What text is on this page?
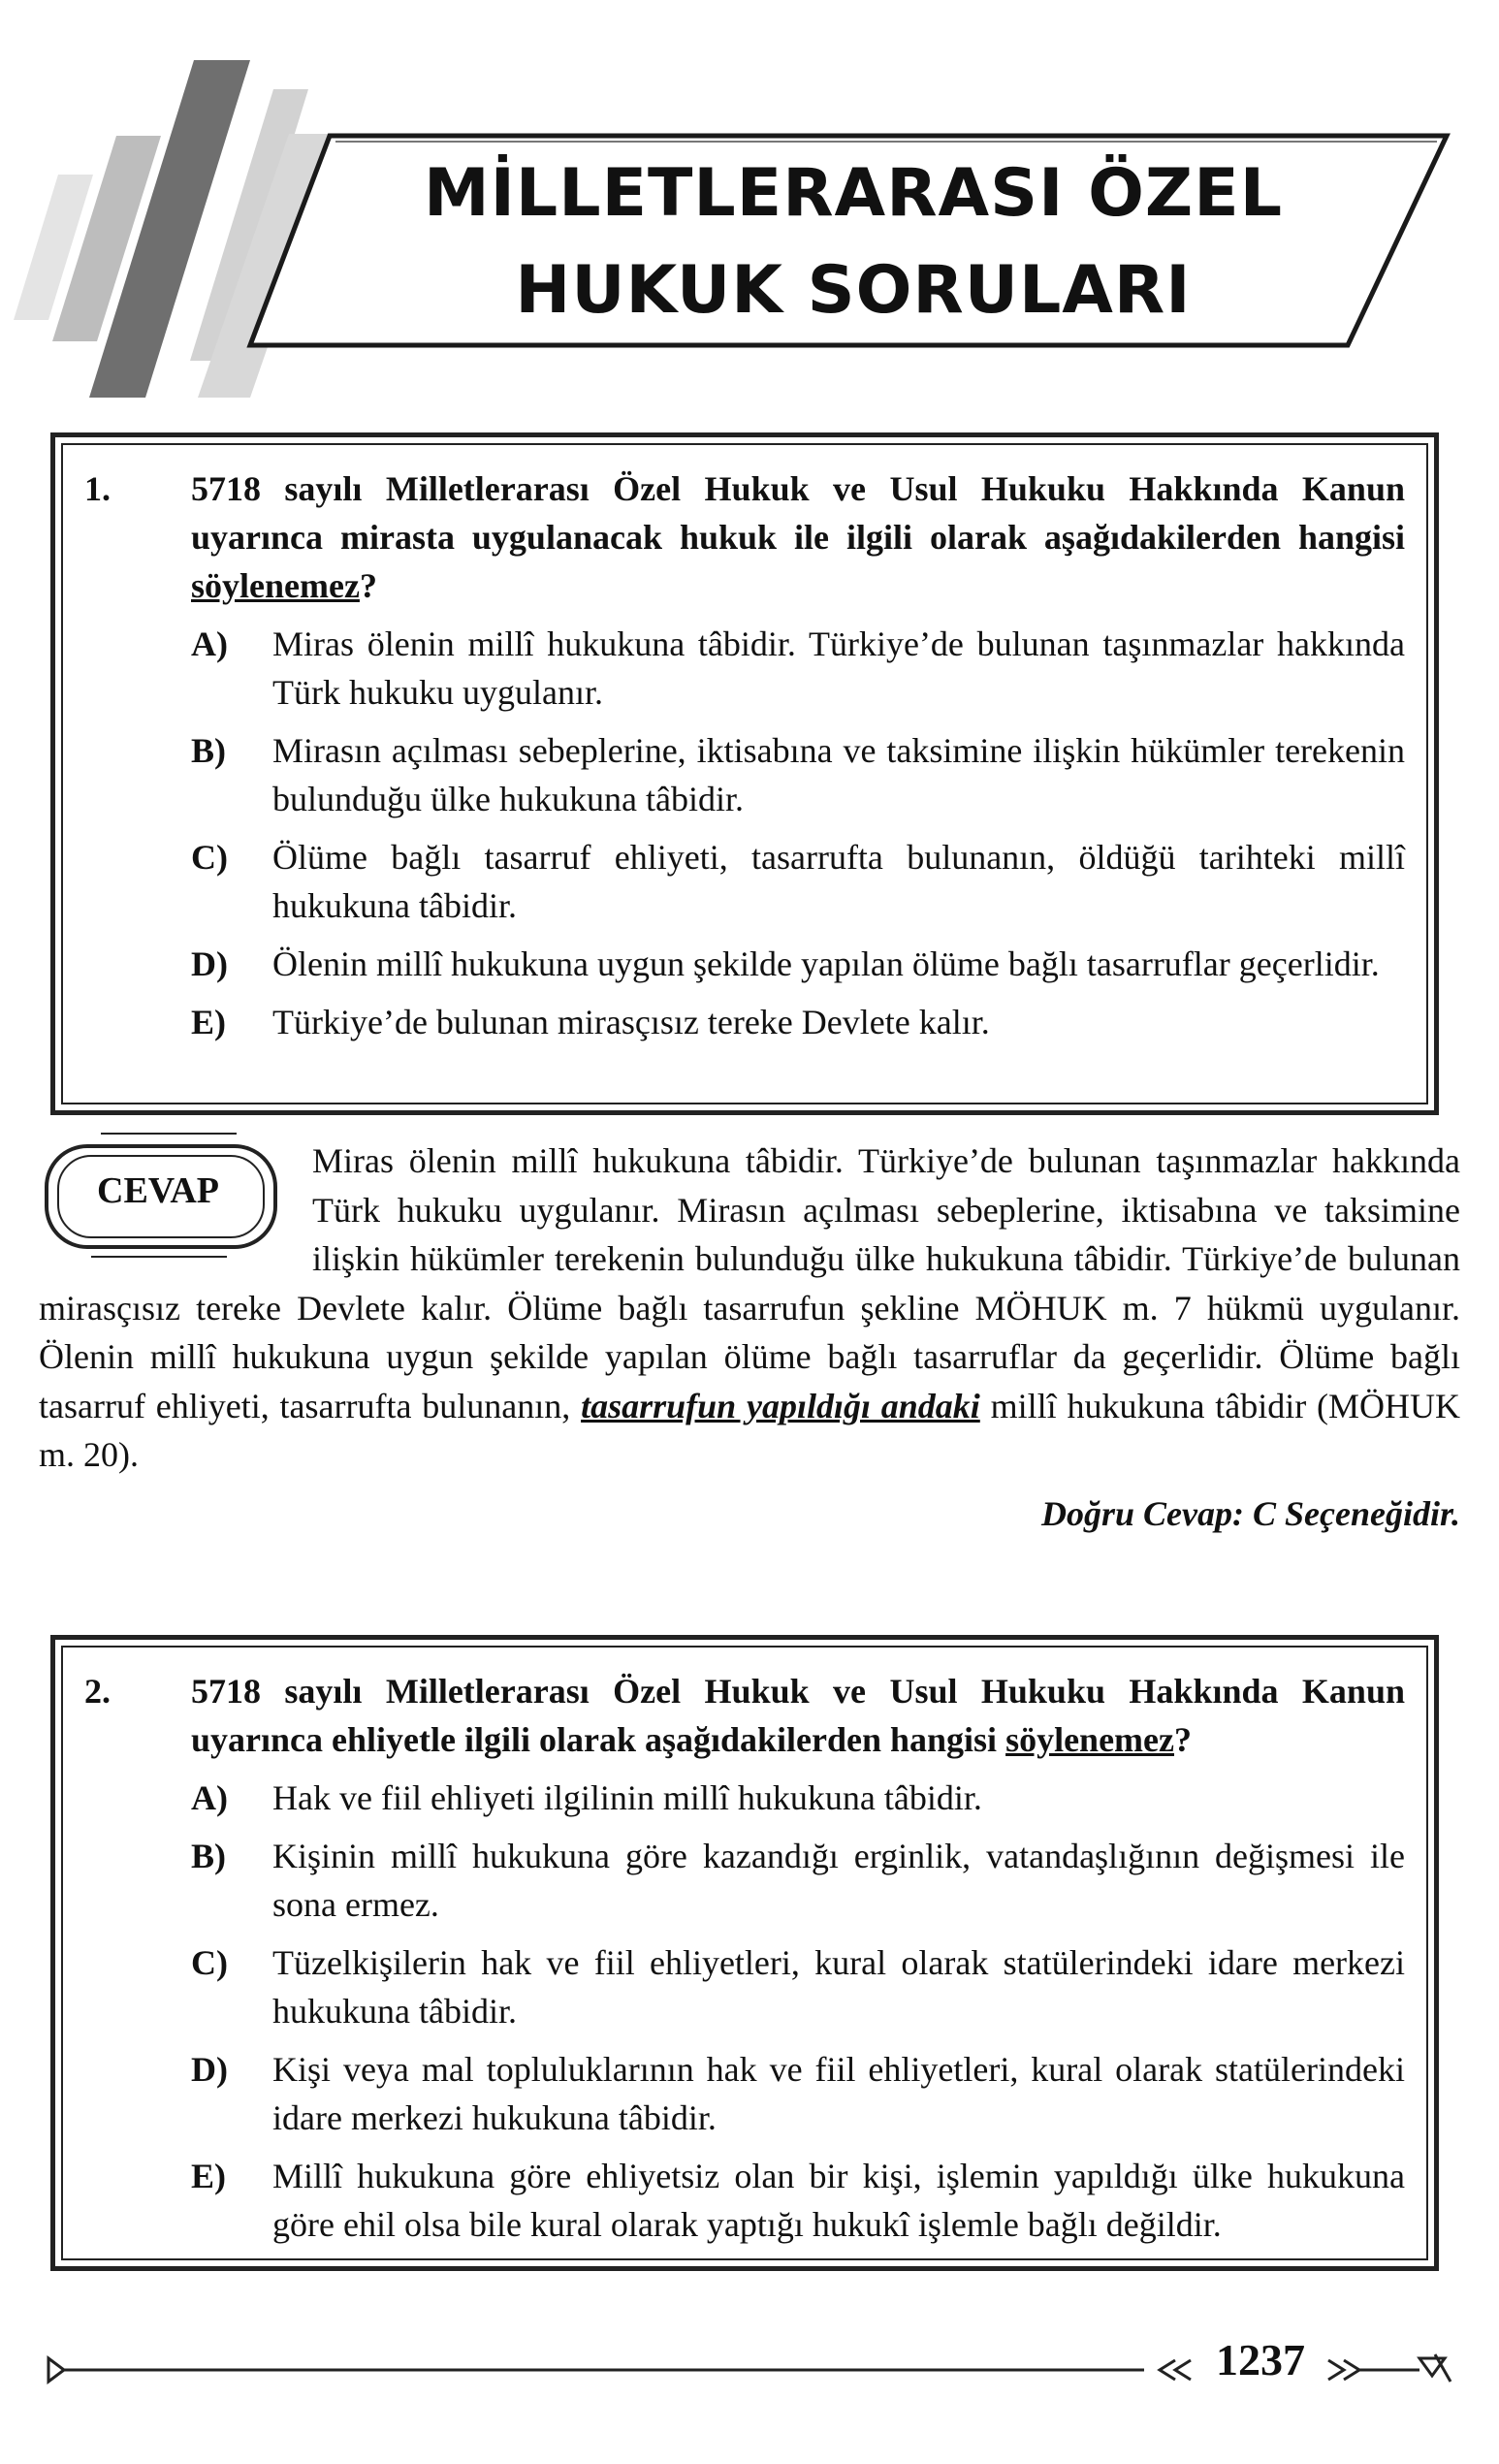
MİLLETLERARASI ÖZEL
HUKUK SORULARI
1.	5718 sayılı Milletlerarası Özel Hukuk ve Usul Hukuku Hakkında Kanun uyarınca mirasta uygulanacak hukuk ile ilgili olarak aşağıdakilerden hangisi söylenemez?
A)	Miras ölenin millî hukukuna tâbidir. Türkiye’de bulunan taşınmazlar hakkında Türk hukuku uygulanır.
B)	Mirasın açılması sebeplerine, iktisabına ve taksimine ilişkin hükümler terekenin bulunduğu ülke hukukuna tâbidir.
C)	Ölüme bağlı tasarruf ehliyeti, tasarrufta bulunanın, öldüğü tarihteki millî hukukuna tâbidir.
D)	Ölenin millî hukukuna uygun şekilde yapılan ölüme bağlı tasarruflar geçerlidir.
E)	Türkiye’de bulunan mirasçısız tereke Devlete kalır.
CEVAP
Miras ölenin millî hukukuna tâbidir. Türkiye’de bulunan taşınmazlar hakkında Türk hukuku uygulanır. Mirasın açılması sebeplerine, iktisabına ve taksimine ilişkin hükümler terekenin bulunduğu ülke hukukuna tâbidir. Türkiye’de bulunan mirasçısız tereke Devlete kalır. Ölüme bağlı tasarrufun şekline MÖHUK m. 7 hükmü uygulanır. Ölenin millî hukukuna uygun şekilde yapılan ölüme bağlı tasarruflar da geçerlidir. Ölüme bağlı tasarruf ehliyeti, tasarrufta bulunanın, tasarrufun yapıldığı andaki millî hukukuna tâbidir (MÖHUK m. 20).
Doğru Cevap: C Seçeneğidir.
2.	5718 sayılı Milletlerarası Özel Hukuk ve Usul Hukuku Hakkında Kanun uyarınca ehliyetle ilgili olarak aşağıdakilerden hangisi söylenemez?
A)	Hak ve fiil ehliyeti ilgilinin millî hukukuna tâbidir.
B)	Kişinin millî hukukuna göre kazandığı erginlik, vatandaşlığının değişmesi ile sona ermez.
C)	Tüzelkişilerin hak ve fiil ehliyetleri, kural olarak statülerindeki idare merkezi hukukuna tâbidir.
D)	Kişi veya mal topluluklarının hak ve fiil ehliyetleri, kural olarak statülerindeki idare merkezi hukukuna tâbidir.
E)	Millî hukukuna göre ehliyetsiz olan bir kişi, işlemin yapıldığı ülke hukukuna göre ehil olsa bile kural olarak yaptığı hukukî işlemle bağlı değildir.
1237
